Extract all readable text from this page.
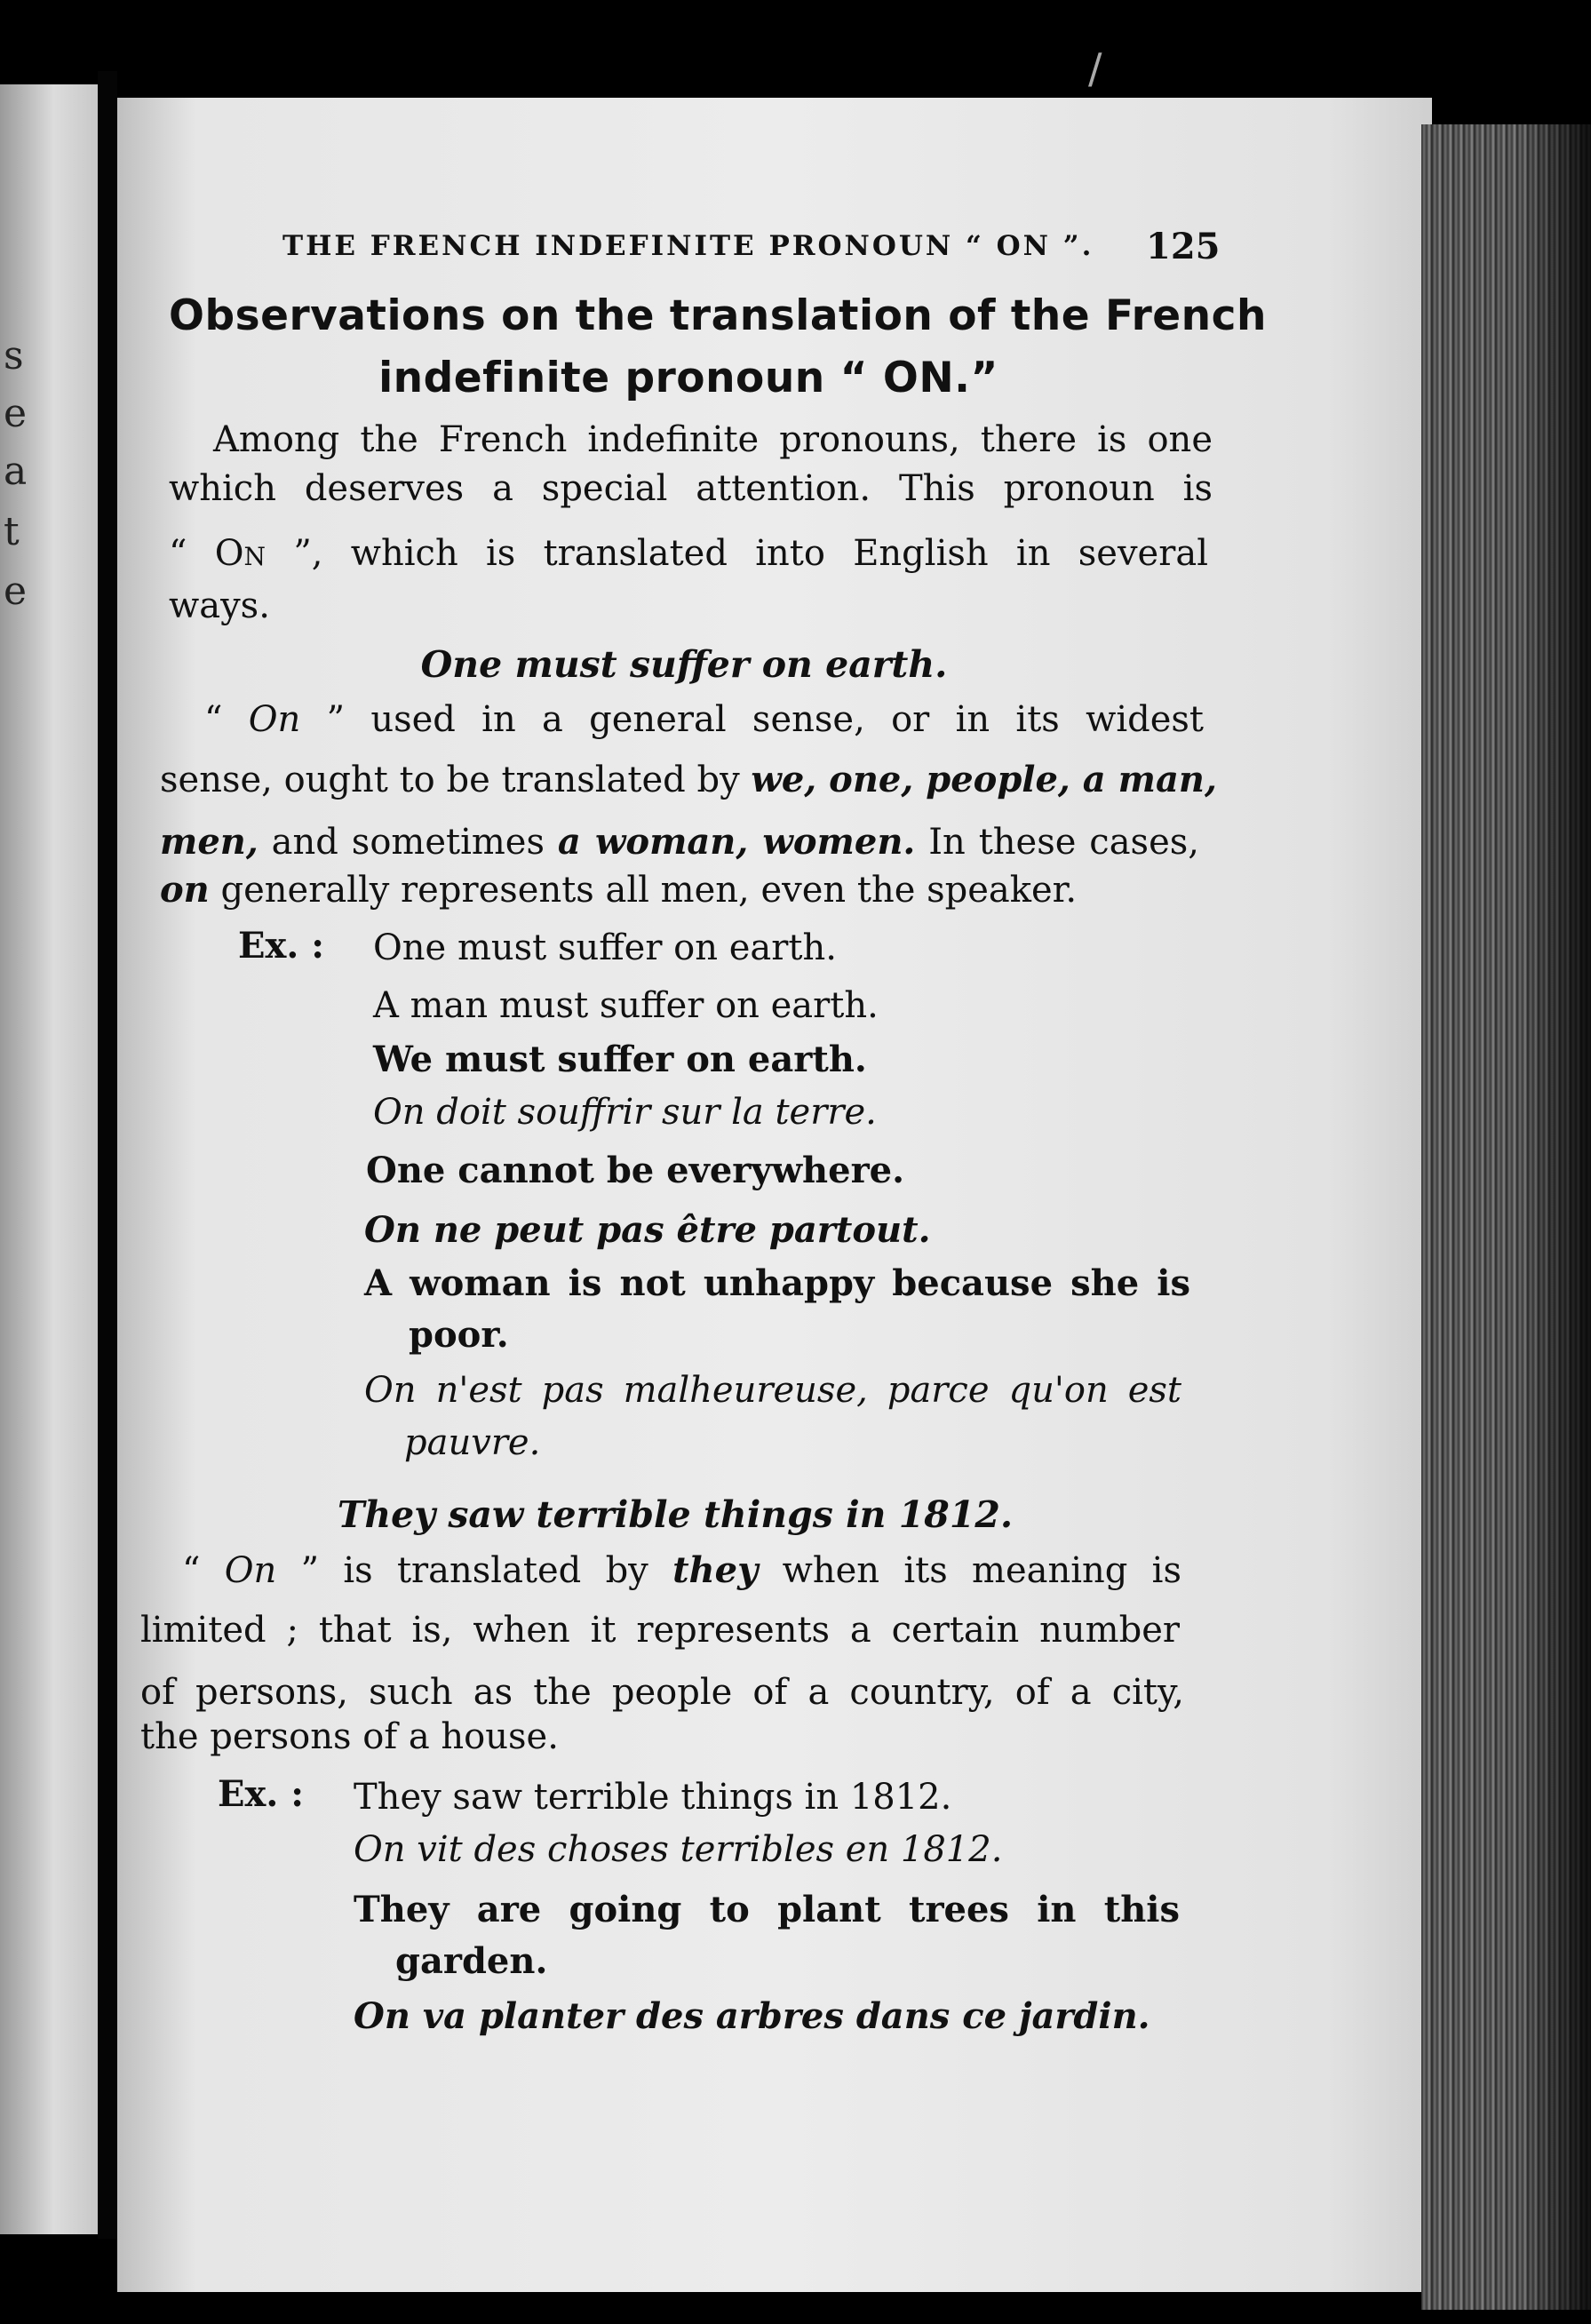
s
e
a
t
e
/
THE FRENCH INDEFINITE PRONOUN “ ON ”. 125
Observations on the translation of the French
indefinite pronoun “ ON.”
Among the French indefinite pronouns, there is one
which deserves a special attention. This pronoun is
“ On ”, which is translated into English in several
ways.
One must suffer on earth.
“ On ” used in a general sense, or in its widest
sense, ought to be translated by we, one, people, a man,
men, and sometimes a woman, women. In these cases,
on generally represents all men, even the speaker.
Ex. : One must suffer on earth.
A man must suffer on earth.
We must suffer on earth.
On doit souffrir sur la terre.
One cannot be everywhere.
On ne peut pas être partout.
A woman is not unhappy because she is
poor.
On n'est pas malheureuse, parce qu'on est
pauvre.
They saw terrible things in 1812.
“ On ” is translated by they when its meaning is
limited ; that is, when it represents a certain number
of persons, such as the people of a country, of a city,
the persons of a house.
Ex. : They saw terrible things in 1812.
On vit des choses terribles en 1812.
They are going to plant trees in this
garden.
On va planter des arbres dans ce jardin.
